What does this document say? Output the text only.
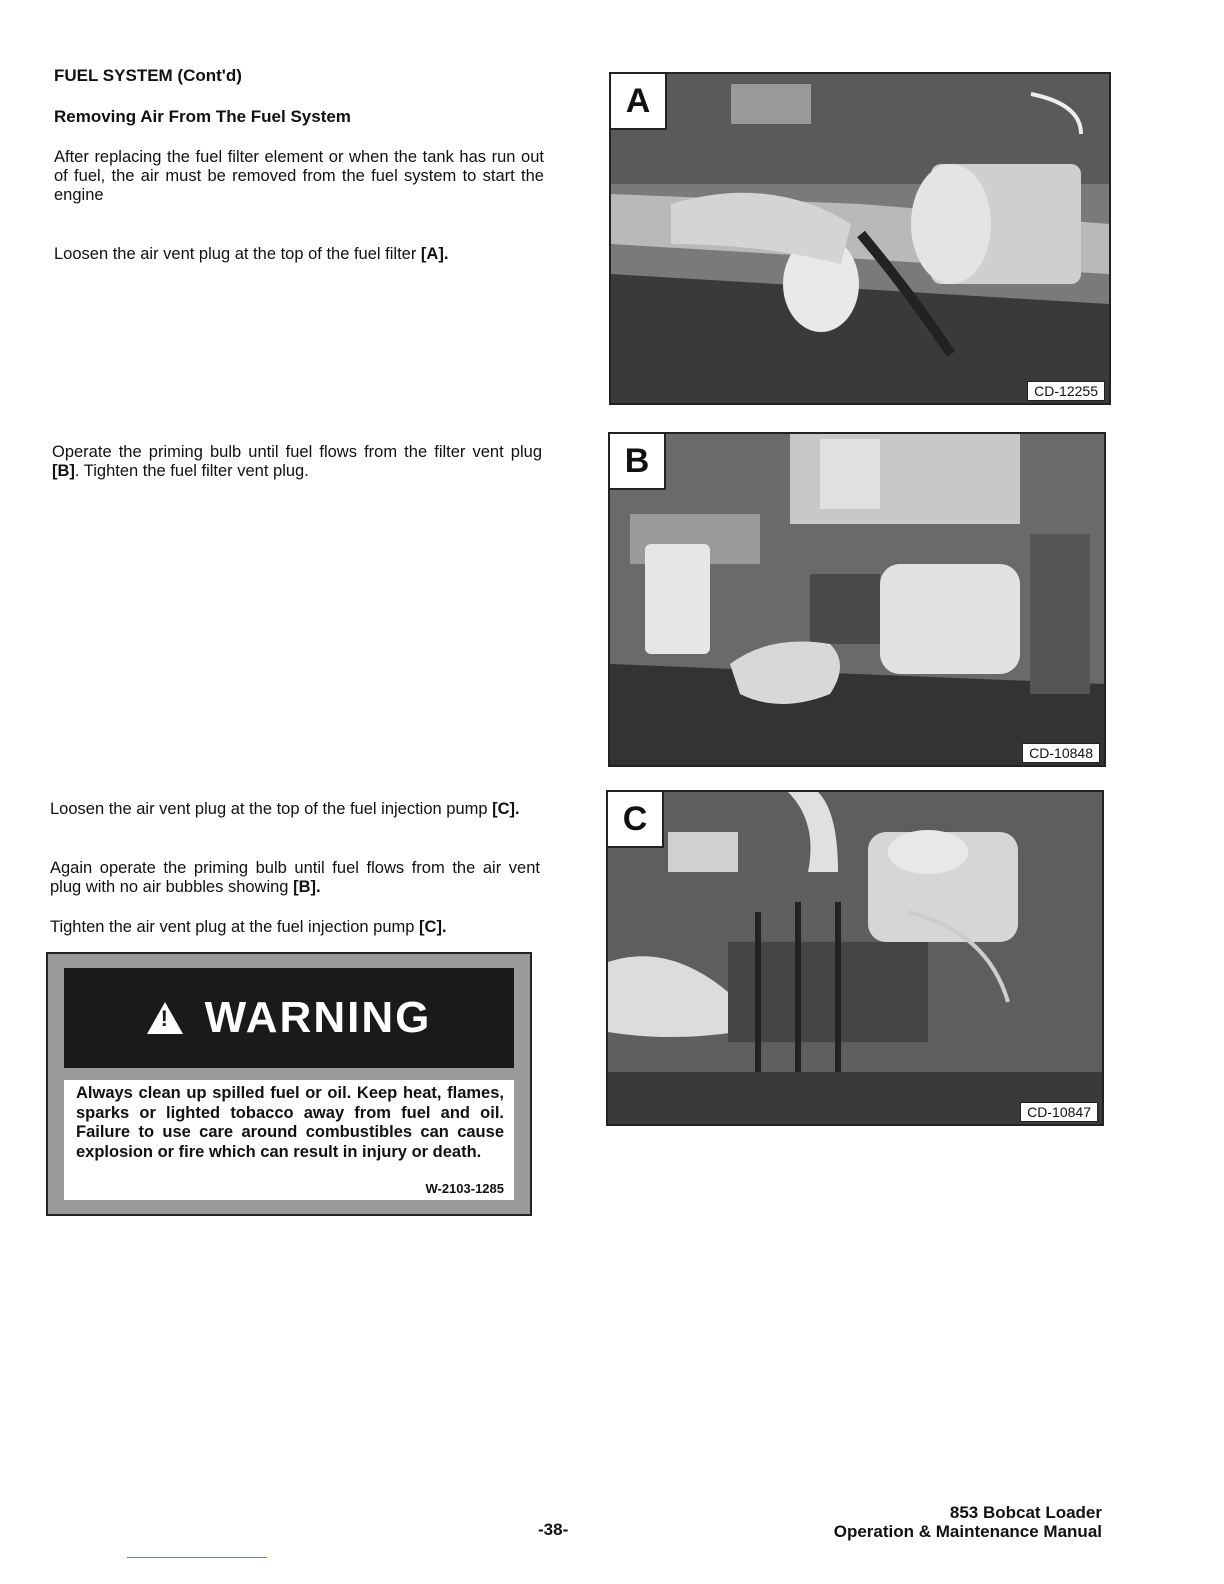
FUEL SYSTEM (Cont'd)
Removing Air From The Fuel System
After replacing the fuel filter element or when the tank has run out of fuel, the air must be removed from the fuel system to start the engine
Loosen the air vent plug at the top of the fuel filter [A].
Operate the priming bulb until fuel flows from the filter vent plug [B]. Tighten the fuel filter vent plug.
Loosen the air vent plug at the top of the fuel injection pump [C].
Again operate the priming bulb until fuel flows from the air vent plug with no air bubbles showing [B].
Tighten the air vent plug at the fuel injection pump [C].
!
WARNING
Always clean up spilled fuel or oil. Keep heat, flames, sparks or lighted tobacco away from fuel and oil. Failure to use care around combustibles can cause explosion or fire which can result in injury or death.
W-2103-1285
A
CD-12255
B
CD-10848
C
CD-10847
-38-
853 Bobcat Loader
Operation & Maintenance Manual
